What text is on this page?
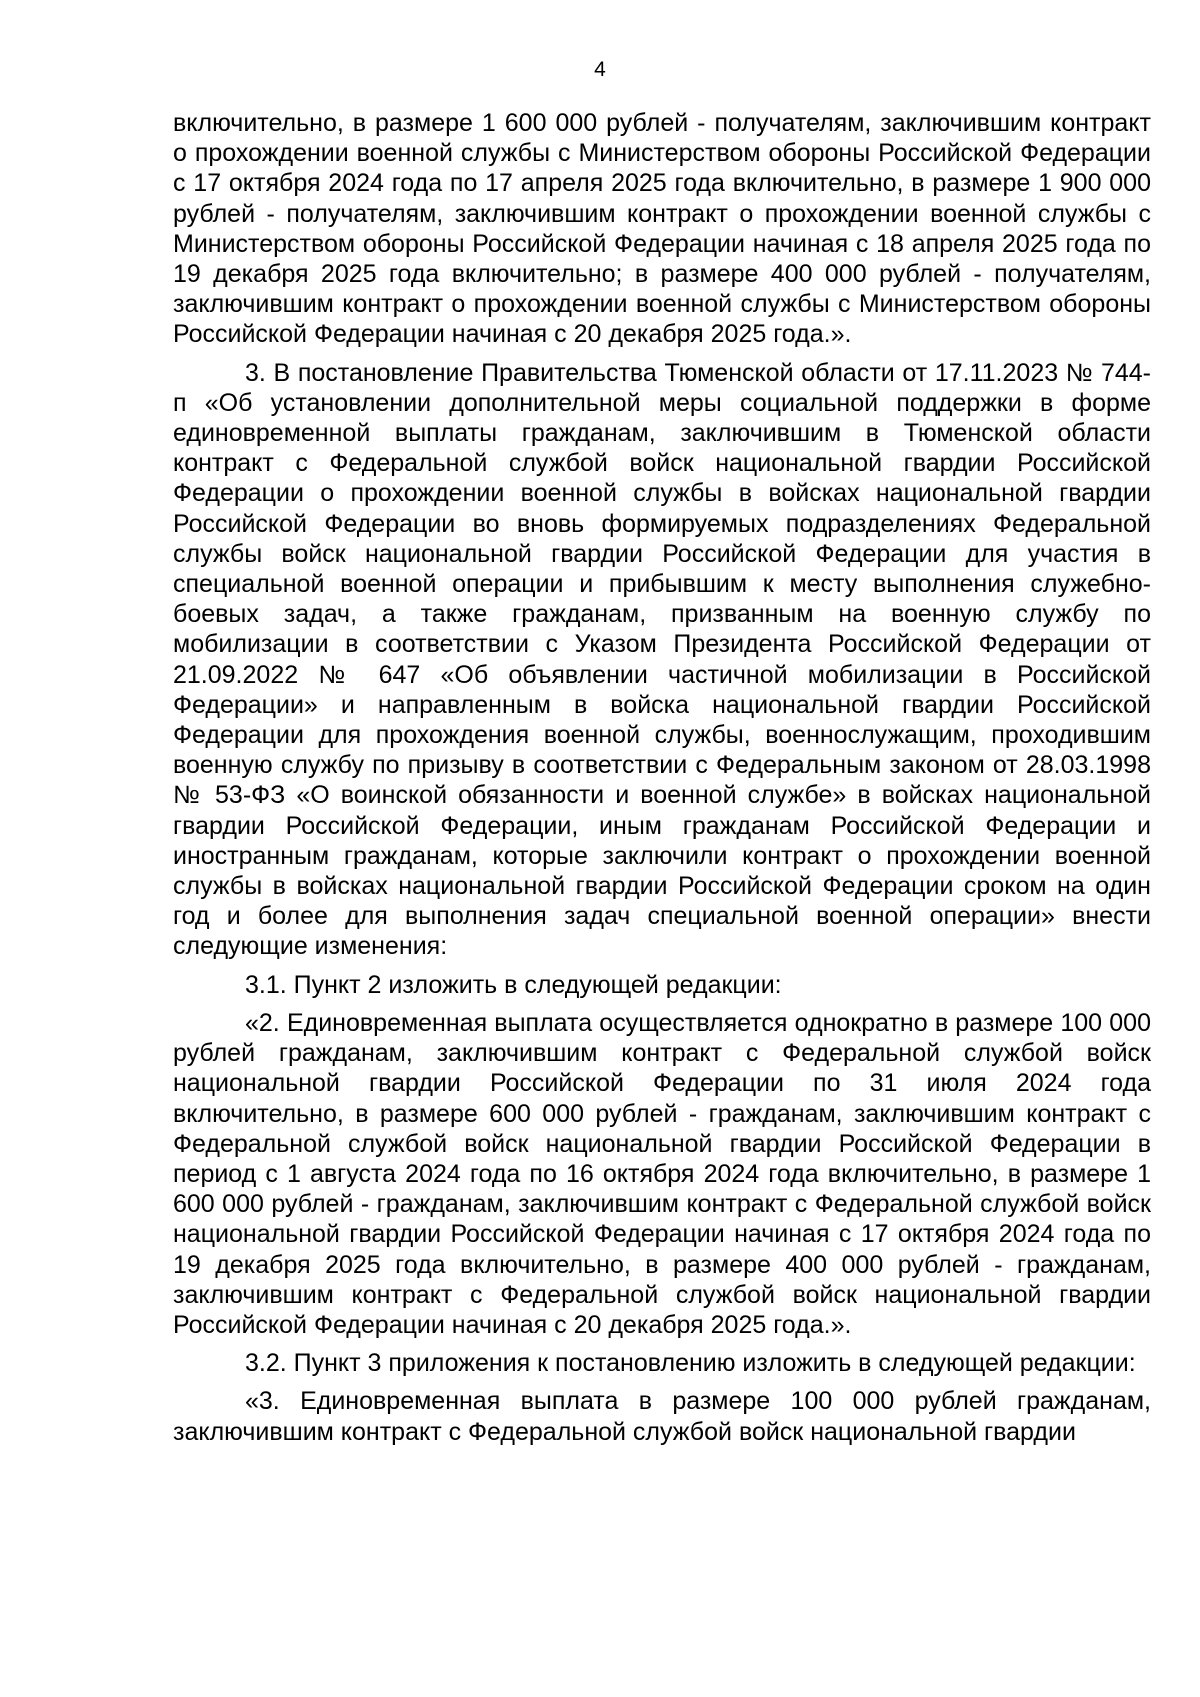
4

включительно, в размере 1 600 000 рублей - получателям, заключившим контракт о прохождении военной службы с Министерством обороны Российской Федерации с 17 октября 2024 года по 17 апреля 2025 года включительно, в размере 1 900 000 рублей - получателям, заключившим контракт о прохождении военной службы с Министерством обороны Российской Федерации начиная с 18 апреля 2025 года по 19 декабря 2025 года включительно; в размере 400 000 рублей - получателям, заключившим контракт о прохождении военной службы с Министерством обороны Российской Федерации начиная с 20 декабря 2025 года.».

3. В постановление Правительства Тюменской области от 17.11.2023 № 744-п «Об установлении дополнительной меры социальной поддержки в форме единовременной выплаты гражданам, заключившим в Тюменской области контракт с Федеральной службой войск национальной гвардии Российской Федерации о прохождении военной службы в войсках национальной гвардии Российской Федерации во вновь формируемых подразделениях Федеральной службы войск национальной гвардии Российской Федерации для участия в специальной военной операции и прибывшим к месту выполнения служебно-боевых задач, а также гражданам, призванным на военную службу по мобилизации в соответствии с Указом Президента Российской Федерации от 21.09.2022 № 647 «Об объявлении частичной мобилизации в Российской Федерации» и направленным в войска национальной гвардии Российской Федерации для прохождения военной службы, военнослужащим, проходившим военную службу по призыву в соответствии с Федеральным законом от 28.03.1998 № 53-ФЗ «О воинской обязанности и военной службе» в войсках национальной гвардии Российской Федерации, иным гражданам Российской Федерации и иностранным гражданам, которые заключили контракт о прохождении военной службы в войсках национальной гвардии Российской Федерации сроком на один год и более для выполнения задач специальной военной операции» внести следующие изменения:

3.1. Пункт 2 изложить в следующей редакции:

«2. Единовременная выплата осуществляется однократно в размере 100 000 рублей гражданам, заключившим контракт с Федеральной службой войск национальной гвардии Российской Федерации по 31 июля 2024 года включительно, в размере 600 000 рублей - гражданам, заключившим контракт с Федеральной службой войск национальной гвардии Российской Федерации в период с 1 августа 2024 года по 16 октября 2024 года включительно, в размере 1 600 000 рублей - гражданам, заключившим контракт с Федеральной службой войск национальной гвардии Российской Федерации начиная с 17 октября 2024 года по 19 декабря 2025 года включительно, в размере 400 000 рублей - гражданам, заключившим контракт с Федеральной службой войск национальной гвардии Российской Федерации начиная с 20 декабря 2025 года.».

3.2. Пункт 3 приложения к постановлению изложить в следующей редакции:

«3. Единовременная выплата в размере 100 000 рублей гражданам, заключившим контракт с Федеральной службой войск национальной гвардии
